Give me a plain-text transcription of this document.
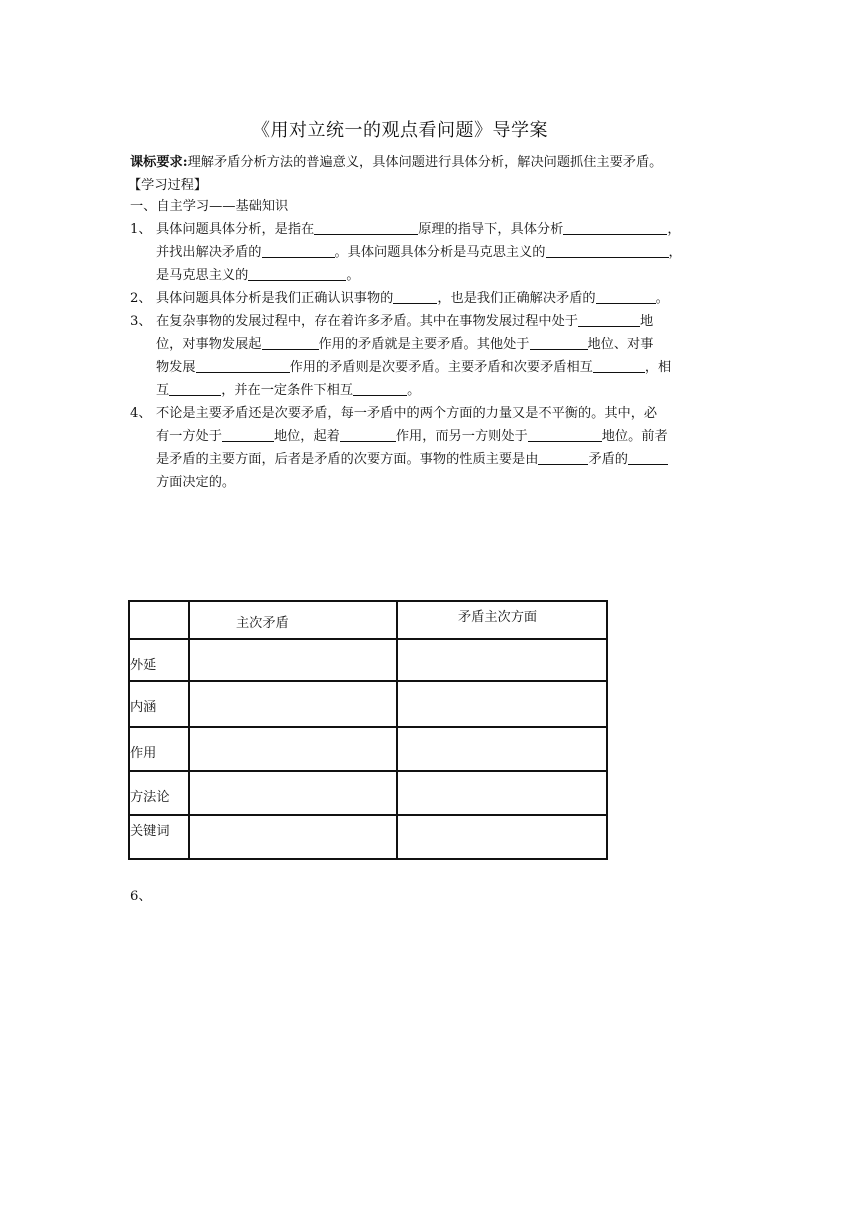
《用对立统一的观点看问题》导学案
课标要求:理解矛盾分析方法的普遍意义，具体问题进行具体分析，解决问题抓住主要矛盾。
【学习过程】
一、自主学习——基础知识
1、 具体问题具体分析，是指在	原理的指导下，具体分析	，
并找出解决矛盾的	。具体问题具体分析是马克思主义的	，
是马克思主义的	。
2、 具体问题具体分析是我们正确认识事物的	，也是我们正确解决矛盾的	。
3、 在复杂事物的发展过程中，存在着许多矛盾。其中在事物发展过程中处于	地
位，对事物发展起	作用的矛盾就是主要矛盾。其他处于	地位、对事
物发展	作用的矛盾则是次要矛盾。主要矛盾和次要矛盾相互	，相
互	，并在一定条件下相互	。
4、 不论是主要矛盾还是次要矛盾，每一矛盾中的两个方面的力量又是不平衡的。其中，必
有一方处于	地位，起着	作用，而另一方则处于	地位。前者
是矛盾的主要方面，后者是矛盾的次要方面。事物的性质主要是由	矛盾的
方面决定的。

	主次矛盾	矛盾主次方面

外延		

内涵		

作用		

方法论		

关键词		

6、
